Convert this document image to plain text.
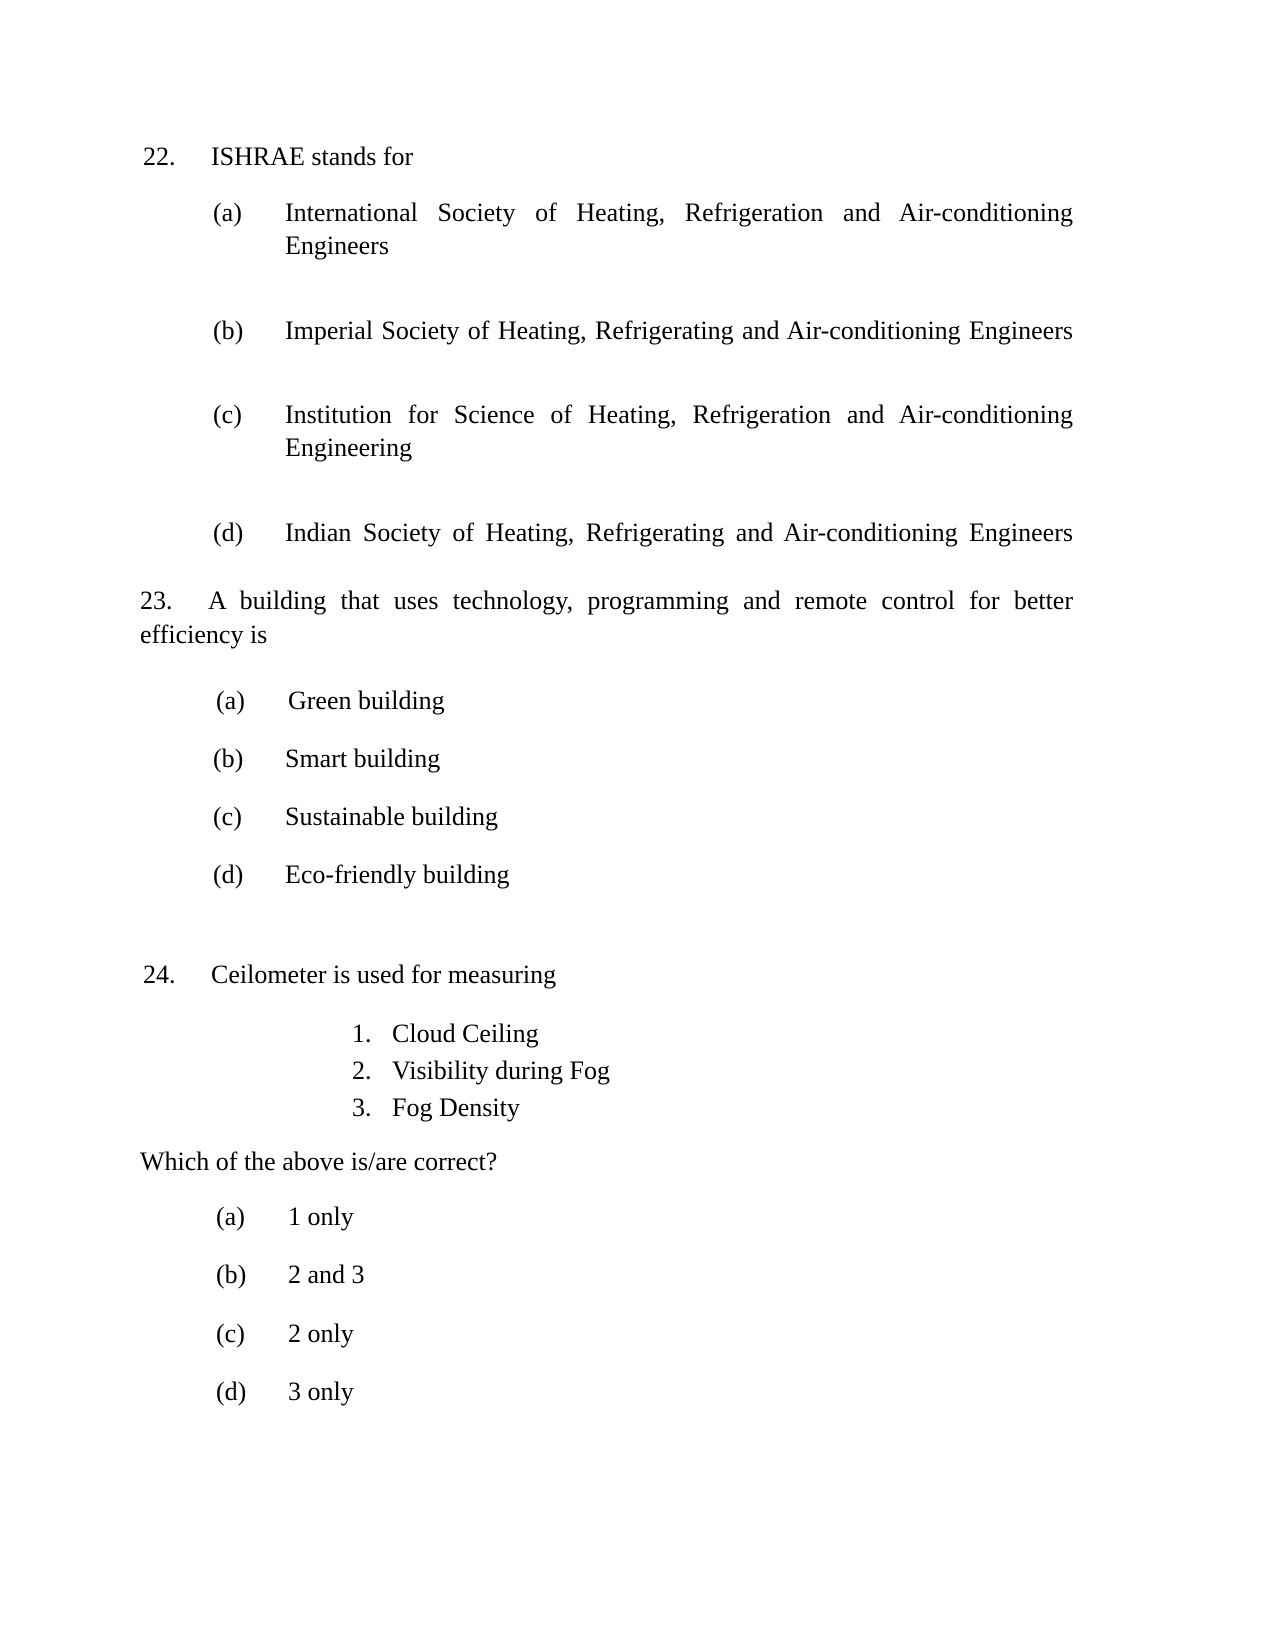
22.	ISHRAE stands for
(a)	International Society of Heating, Refrigeration and Air-conditioning Engineers
(b)	Imperial Society of Heating, Refrigerating and Air-conditioning Engineers
(c)	Institution for Science of Heating, Refrigeration and Air-conditioning Engineering
(d)	Indian Society of Heating, Refrigerating and Air-conditioning Engineers
23. A building that uses technology, programming and remote control for better efficiency is
(a)	Green building
(b)	Smart building
(c)	Sustainable building
(d)	Eco-friendly building
24.	Ceilometer is used for measuring
1. Cloud Ceiling
2. Visibility during Fog
3. Fog Density
Which of the above is/are correct?
(a)	1 only
(b)	2 and 3
(c)	2 only
(d)	3 only
